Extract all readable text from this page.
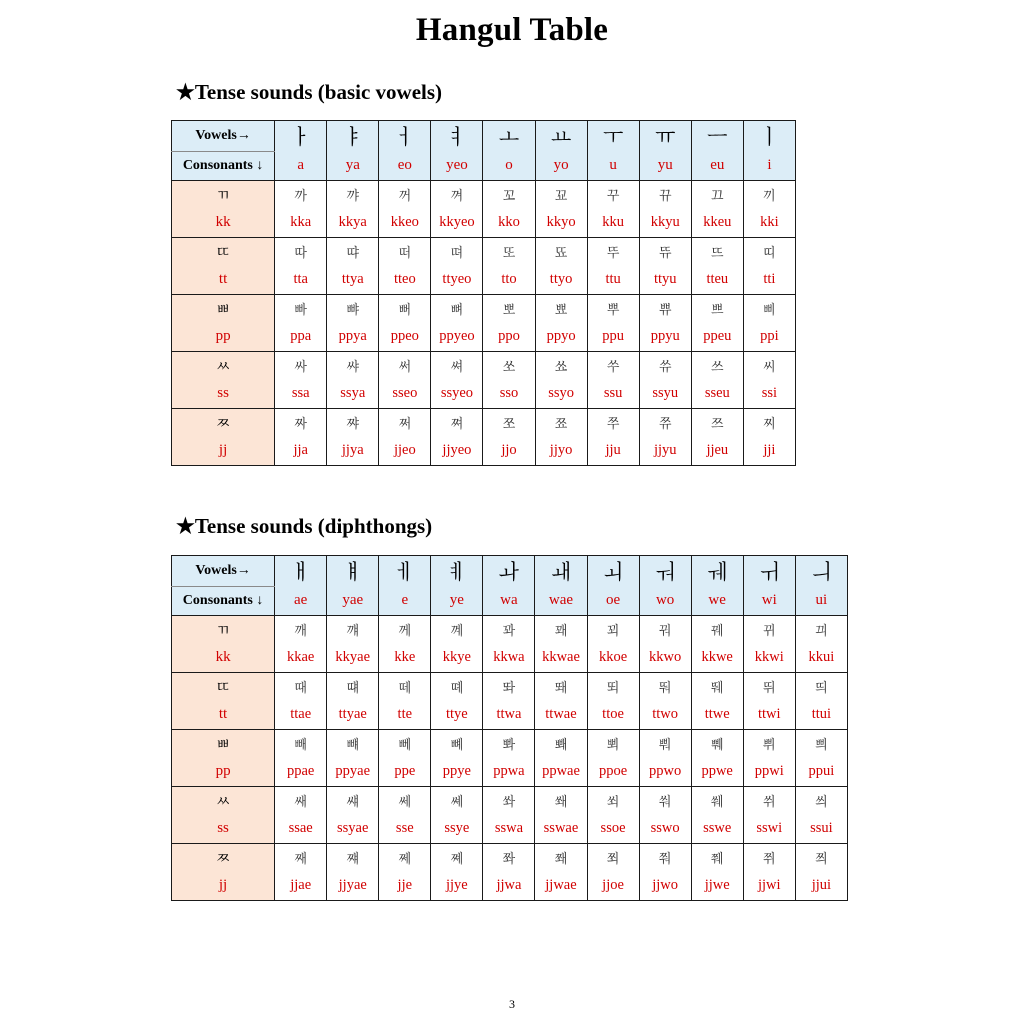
Hangul Table
★Tense sounds (basic vowels)
Vowels→	ㅏ	ㅑ	ㅓ	ㅕ	ㅗ	ㅛ	ㅜ	ㅠ	ㅡ	ㅣ
Consonants ↓	a	ya	eo	yeo	o	yo	u	yu	eu	i
ㄲ	까	꺄	꺼	껴	꼬	꾜	꾸	뀨	끄	끼
kk	kka	kkya	kkeo	kkyeo	kko	kkyo	kku	kkyu	kkeu	kki
ㄸ	따	땨	떠	뗘	또	뚀	뚜	뜌	뜨	띠
tt	tta	ttya	tteo	ttyeo	tto	ttyo	ttu	ttyu	tteu	tti
ㅃ	빠	뺘	뻐	뼈	뽀	뾰	뿌	쀼	쁘	삐
pp	ppa	ppya	ppeo	ppyeo	ppo	ppyo	ppu	ppyu	ppeu	ppi
ㅆ	싸	쌰	써	쎠	쏘	쑈	쑤	쓔	쓰	씨
ss	ssa	ssya	sseo	ssyeo	sso	ssyo	ssu	ssyu	sseu	ssi
ㅉ	짜	쨔	쩌	쪄	쪼	쬬	쭈	쮸	쯔	찌
jj	jja	jjya	jjeo	jjyeo	jjo	jjyo	jju	jjyu	jjeu	jji
★Tense sounds (diphthongs)
Vowels→	ㅐ	ㅒ	ㅔ	ㅖ	ㅘ	ㅙ	ㅚ	ㅝ	ㅞ	ㅟ	ㅢ
Consonants ↓	ae	yae	e	ye	wa	wae	oe	wo	we	wi	ui
ㄲ	깨	꺠	께	꼐	꽈	꽤	꾀	꿔	꿰	뀌	끠
kk	kkae	kkyae	kke	kkye	kkwa	kkwae	kkoe	kkwo	kkwe	kkwi	kkui
ㄸ	때	떄	떼	뗴	똬	뙈	뙤	뚸	뛔	뛰	띄
tt	ttae	ttyae	tte	ttye	ttwa	ttwae	ttoe	ttwo	ttwe	ttwi	ttui
ㅃ	빼	뺴	뻬	뼤	뽜	뽸	뾔	뿨	쀄	쀠	쁴
pp	ppae	ppyae	ppe	ppye	ppwa	ppwae	ppoe	ppwo	ppwe	ppwi	ppui
ㅆ	쌔	썌	쎄	쎼	쏴	쐐	쐬	쒀	쒜	쒸	씌
ss	ssae	ssyae	sse	ssye	sswa	sswae	ssoe	sswo	sswe	sswi	ssui
ㅉ	째	쨰	쩨	쪠	쫘	쫴	쬐	쭤	쮀	쮜	쯰
jj	jjae	jjyae	jje	jjye	jjwa	jjwae	jjoe	jjwo	jjwe	jjwi	jjui
3
